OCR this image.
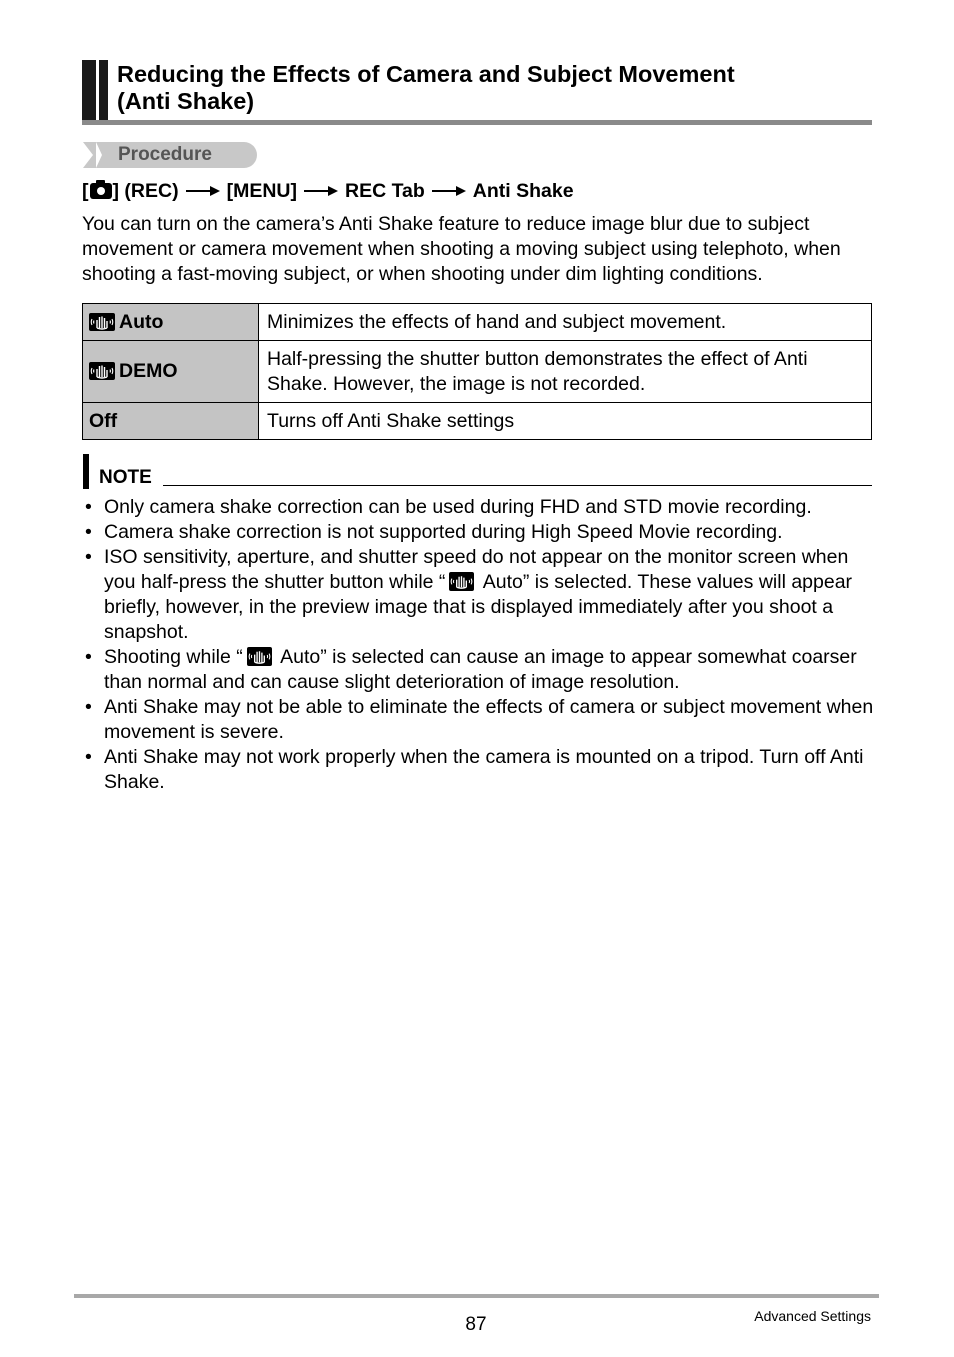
Reducing the Effects of Camera and Subject Movement
(Anti Shake)
Procedure
[ ] (REC) [MENU] REC Tab Anti Shake
You can turn on the camera’s Anti Shake feature to reduce image blur due to subject movement or camera movement when shooting a moving subject using telephoto, when shooting a fast-moving subject, or when shooting under dim lighting conditions.
Auto	Minimizes the effects of hand and subject movement.

DEMO	Half-pressing the shutter button demonstrates the effect of Anti Shake. However, the image is not recorded.
Off	Turns off Anti Shake settings
NOTE
• Only camera shake correction can be used during FHD and STD movie recording.
• Camera shake correction is not supported during High Speed Movie recording.
• ISO sensitivity, aperture, and shutter speed do not appear on the monitor screen when you half-press the shutter button while “
Auto” is selected. These values will appear briefly, however, in the preview image that is displayed immediately after you shoot a snapshot.
• Shooting while “
Auto” is selected can cause an image to appear somewhat coarser than normal and can cause slight deterioration of image resolution.
• Anti Shake may not be able to eliminate the effects of camera or subject movement when movement is severe.
• Anti Shake may not work properly when the camera is mounted on a tripod. Turn off Anti Shake.
87	Advanced Settings
